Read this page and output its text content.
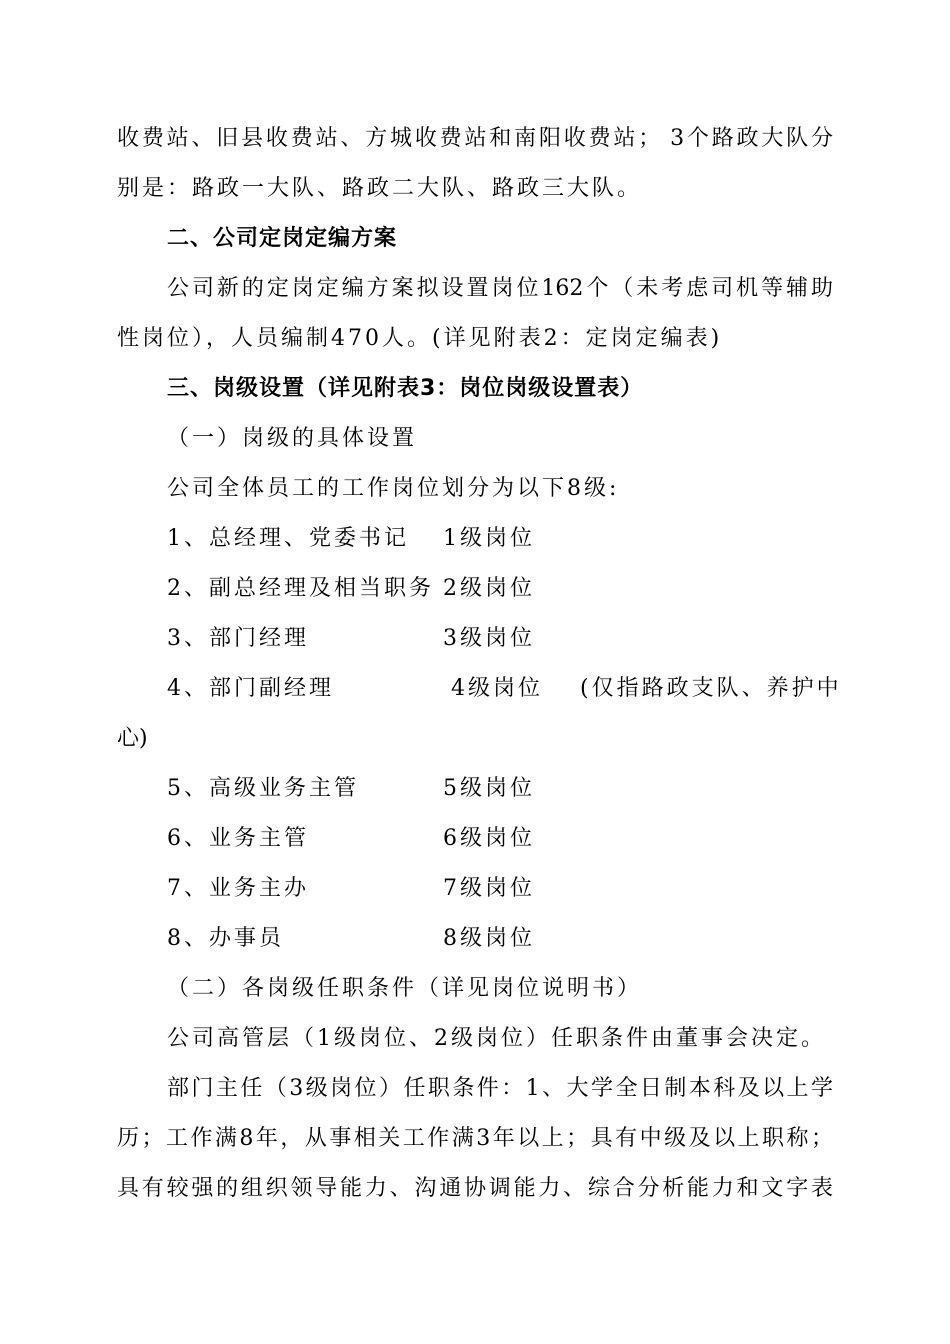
收费站、旧县收费站、方城收费站和南阳收费站； 3个路政大队分
别是：路政一大队、路政二大队、路政三大队。
二、公司定岗定编方案
公司新的定岗定编方案拟设置岗位162个（未考虑司机等辅助
性岗位），人员编制470人。(详见附表2：定岗定编表)
三、岗级设置（详见附表3：岗位岗级设置表）
（一）岗级的具体设置
公司全体员工的工作岗位划分为以下8级:
1、总经理、党委书记 1级岗位
2、副总经理及相当职务 2级岗位
3、部门经理	3级岗位
4、部门副经理	4级岗位 (仅指路政支队、养护中
心)
5、高级业务主管	5级岗位
6、业务主管	6级岗位
7、业务主办	7级岗位
8、办事员	8级岗位
（二）各岗级任职条件（详见岗位说明书）
公司高管层（1级岗位、2级岗位）任职条件由董事会决定。
部门主任（3级岗位）任职条件：1、大学全日制本科及以上学
历；工作满8年，从事相关工作满3年以上；具有中级及以上职称；
具有较强的组织领导能力、沟通协调能力、综合分析能力和文字表
